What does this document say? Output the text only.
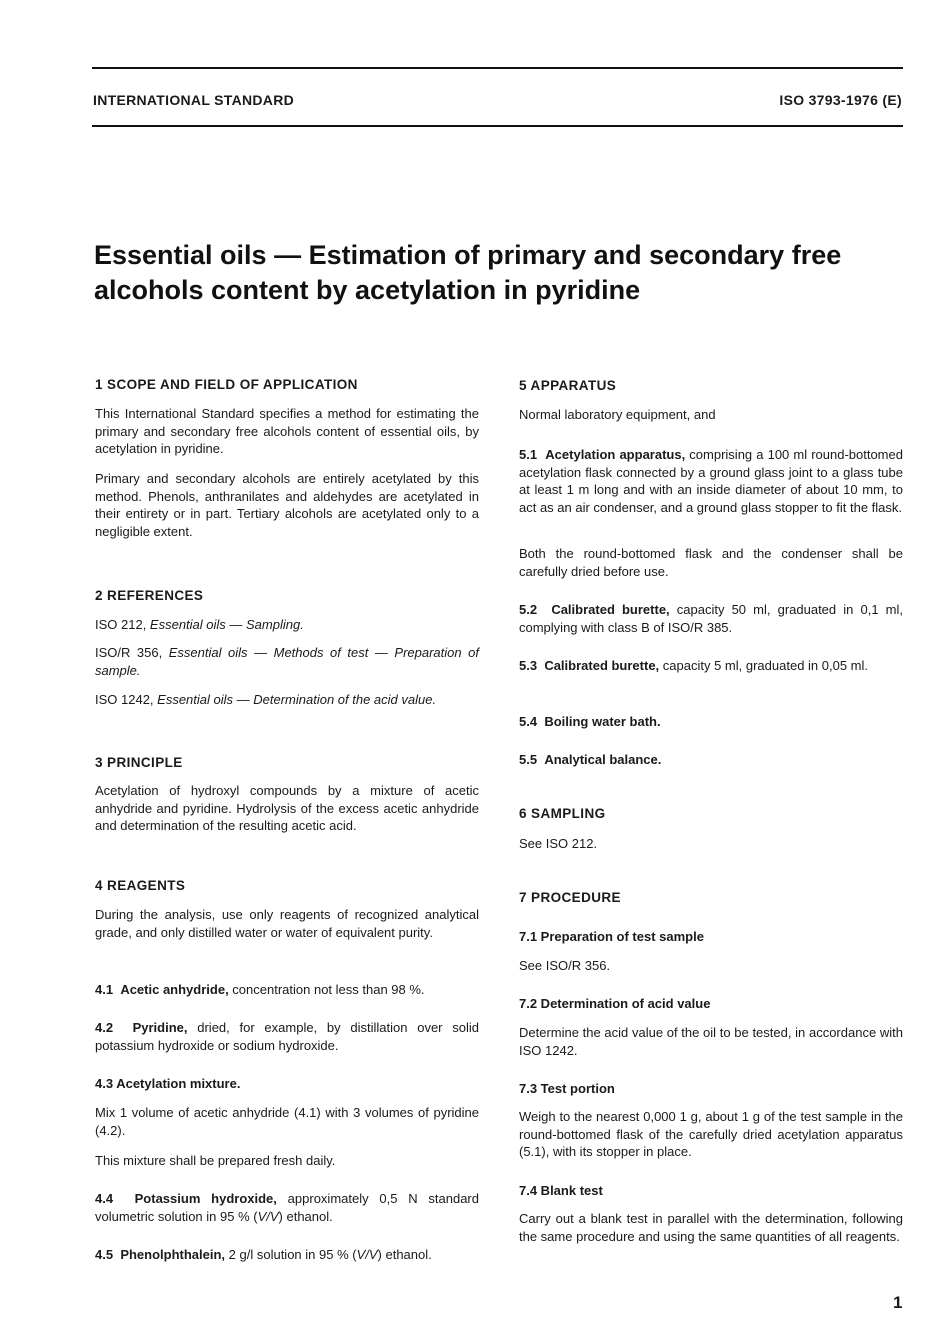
INTERNATIONAL STANDARD	ISO 3793-1976 (E)
Essential oils — Estimation of primary and secondary free
alcohols content by acetylation in pyridine
1 SCOPE AND FIELD OF APPLICATION
This International Standard specifies a method for estimating the primary and secondary free alcohols content of essential oils, by acetylation in pyridine.
Primary and secondary alcohols are entirely acetylated by this method. Phenols, anthranilates and aldehydes are acetylated in their entirety or in part. Tertiary alcohols are acetylated only to a negligible extent.
2 REFERENCES
ISO 212, Essential oils — Sampling.
ISO/R 356, Essential oils — Methods of test — Preparation of sample.
ISO 1242, Essential oils — Determination of the acid value.
3 PRINCIPLE
Acetylation of hydroxyl compounds by a mixture of acetic anhydride and pyridine. Hydrolysis of the excess acetic anhydride and determination of the resulting acetic acid.
4 REAGENTS
During the analysis, use only reagents of recognized analytical grade, and only distilled water or water of equivalent purity.
4.1 Acetic anhydride, concentration not less than 98 %.
4.2 Pyridine, dried, for example, by distillation over solid potassium hydroxide or sodium hydroxide.
4.3 Acetylation mixture.
Mix 1 volume of acetic anhydride (4.1) with 3 volumes of pyridine (4.2).
This mixture shall be prepared fresh daily.
4.4 Potassium hydroxide, approximately 0,5 N standard volumetric solution in 95 % (V/V) ethanol.
4.5 Phenolphthalein, 2 g/l solution in 95 % (V/V) ethanol.
5 APPARATUS
Normal laboratory equipment, and
5.1 Acetylation apparatus, comprising a 100 ml round-bottomed acetylation flask connected by a ground glass joint to a glass tube at least 1 m long and with an inside diameter of about 10 mm, to act as an air condenser, and a ground glass stopper to fit the flask.
Both the round-bottomed flask and the condenser shall be carefully dried before use.
5.2 Calibrated burette, capacity 50 ml, graduated in 0,1 ml, complying with class B of ISO/R 385.
5.3 Calibrated burette, capacity 5 ml, graduated in 0,05 ml.
5.4 Boiling water bath.
5.5 Analytical balance.
6 SAMPLING
See ISO 212.
7 PROCEDURE
7.1 Preparation of test sample
See ISO/R 356.
7.2 Determination of acid value
Determine the acid value of the oil to be tested, in accordance with ISO 1242.
7.3 Test portion
Weigh to the nearest 0,000 1 g, about 1 g of the test sample in the round-bottomed flask of the carefully dried acetylation apparatus (5.1), with its stopper in place.
7.4 Blank test
Carry out a blank test in parallel with the determination, following the same procedure and using the same quantities of all reagents.
1
